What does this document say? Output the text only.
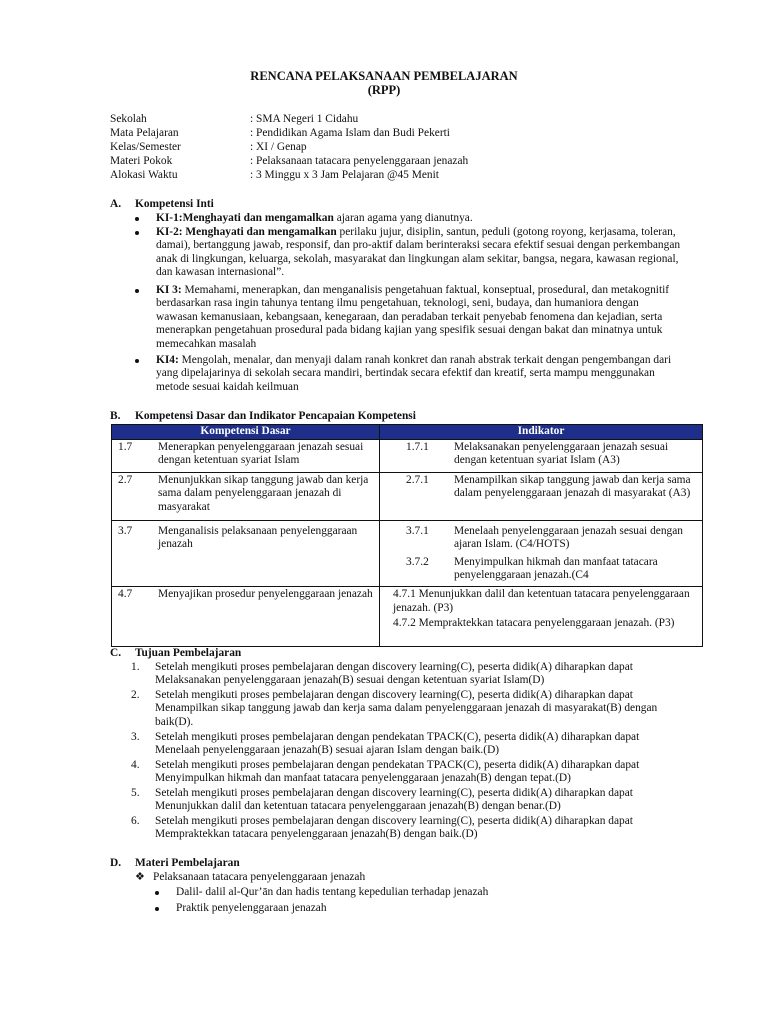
RENCANA PELAKSANAAN PEMBELAJARAN
(RPP)
Sekolah	: SMA Negeri 1 Cidahu
Mata Pelajaran	: Pendidikan Agama Islam dan Budi Pekerti
Kelas/Semester	: XI / Genap
Materi Pokok	: Pelaksanaan tatacara penyelenggaraan jenazah
Alokasi Waktu	: 3 Minggu x 3 Jam Pelajaran @45 Menit
A. Kompetensi Inti
KI-1:Menghayati dan mengamalkan ajaran agama yang dianutnya.
KI-2: Menghayati dan mengamalkan perilaku jujur, disiplin, santun, peduli (gotong royong, kerjasama, toleran, damai), bertanggung jawab, responsif, dan pro-aktif dalam berinteraksi secara efektif sesuai dengan perkembangan anak di lingkungan, keluarga, sekolah, masyarakat dan lingkungan alam sekitar, bangsa, negara, kawasan regional, dan kawasan internasional”.
KI 3: Memahami, menerapkan, dan menganalisis pengetahuan faktual, konseptual, prosedural, dan metakognitif berdasarkan rasa ingin tahunya tentang ilmu pengetahuan, teknologi, seni, budaya, dan humaniora dengan wawasan kemanusiaan, kebangsaan, kenegaraan, dan peradaban terkait penyebab fenomena dan kejadian, serta menerapkan pengetahuan prosedural pada bidang kajian yang spesifik sesuai dengan bakat dan minatnya untuk memecahkan masalah
KI4: Mengolah, menalar, dan menyaji dalam ranah konkret dan ranah abstrak terkait dengan pengembangan dari yang dipelajarinya di sekolah secara mandiri, bertindak secara efektif dan kreatif, serta mampu menggunakan metode sesuai kaidah keilmuan
B. Kompetensi Dasar dan Indikator Pencapaian Kompetensi
Kompetensi Dasar	Indikator
1.7 Menerapkan penyelenggaraan jenazah sesuai dengan ketentuan syariat Islam	1.7.1 Melaksanakan penyelenggaraan jenazah sesuai dengan ketentuan syariat Islam (A3)

2.7 Menunjukkan sikap tanggung jawab dan kerja sama dalam penyelenggaraan jenazah di masyarakat	2.7.1 Menampilkan sikap tanggung jawab dan kerja sama dalam penyelenggaraan jenazah di masyarakat (A3)

3.7 Menganalisis pelaksanaan penyelenggaraan jenazah	3.7.1 Menelaah penyelenggaraan jenazah sesuai dengan ajaran Islam. (C4/HOTS)
3.7.2 Menyimpulkan hikmah dan manfaat tatacara penyelenggaraan jenazah.(C4

4.7 Menyajikan prosedur penyelenggaraan jenazah	4.7.1 Menunjukkan dalil dan ketentuan tatacara penyelenggaraan jenazah. (P3)
4.7.2 Mempraktekkan tatacara penyelenggaraan jenazah. (P3)
C. Tujuan Pembelajaran
1. Setelah mengikuti proses pembelajaran dengan discovery learning(C), peserta didik(A) diharapkan dapat Melaksanakan penyelenggaraan jenazah(B) sesuai dengan ketentuan syariat Islam(D)
2. Setelah mengikuti proses pembelajaran dengan discovery learning(C), peserta didik(A) diharapkan dapat Menampilkan sikap tanggung jawab dan kerja sama dalam penyelenggaraan jenazah di masyarakat(B) dengan baik(D).
3. Setelah mengikuti proses pembelajaran dengan pendekatan TPACK(C), peserta didik(A) diharapkan dapat Menelaah penyelenggaraan jenazah(B) sesuai ajaran Islam dengan baik.(D)
4. Setelah mengikuti proses pembelajaran dengan pendekatan TPACK(C), peserta didik(A) diharapkan dapat Menyimpulkan hikmah dan manfaat tatacara penyelenggaraan jenazah(B) dengan tepat.(D)
5. Setelah mengikuti proses pembelajaran dengan discovery learning(C), peserta didik(A) diharapkan dapat Menunjukkan dalil dan ketentuan tatacara penyelenggaraan jenazah(B) dengan benar.(D)
6. Setelah mengikuti proses pembelajaran dengan discovery learning(C), peserta didik(A) diharapkan dapat Mempraktekkan tatacara penyelenggaraan jenazah(B) dengan baik.(D)
D. Materi Pembelajaran
❖ Pelaksanaan tatacara penyelenggaraan jenazah
Dalil- dalil al-Qur’ān dan hadis tentang kepedulian terhadap jenazah
Praktik penyelenggaraan jenazah
